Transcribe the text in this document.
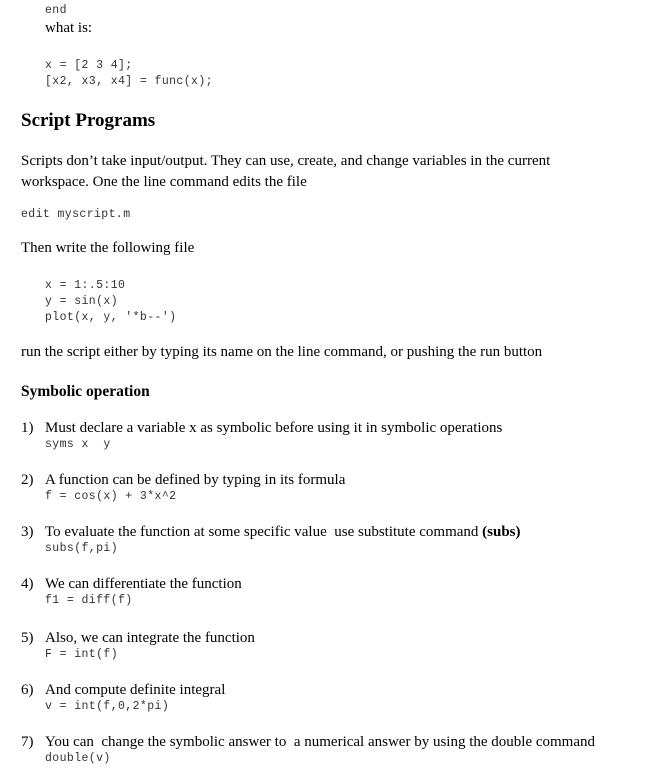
end
what is:
x = [2 3 4];
[x2, x3, x4] = func(x);
Script Programs
Scripts don’t take input/output. They can use, create, and change variables in the current workspace. One the line command edits the file
edit myscript.m
Then write the following file
x = 1:.5:10
y = sin(x)
plot(x, y, '*b--')
run the script either by typing its name on the line command, or pushing the run button
Symbolic operation
1) Must declare a variable x as symbolic before using it in symbolic operations
syms x  y
2) A function can be defined by typing in its formula
f = cos(x) + 3*x^2
3) To evaluate the function at some specific value  use substitute command (subs)
subs(f,pi)
4) We can differentiate the function
f1 = diff(f)
5) Also, we can integrate the function
F = int(f)
6) And compute definite integral
v = int(f,0,2*pi)
7) You can  change the symbolic answer to  a numerical answer by using the double command
double(v)
